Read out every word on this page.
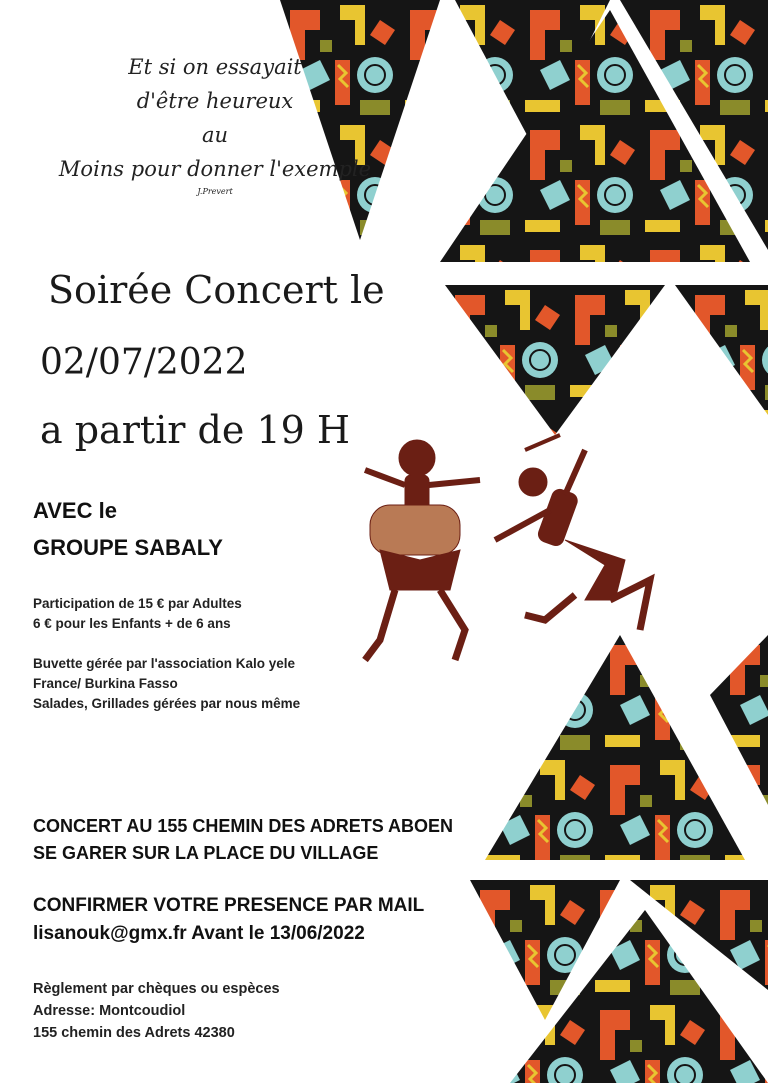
Et si on essayait
d'être heureux
au
Moins pour donner l'exemple
J.Prevert
Soirée Concert le
02/07/2022
a partir de 19 H
AVEC le
GROUPE SABALY
Participation de 15 € par Adultes
6 € pour les Enfants + de 6 ans
Buvette gérée par l'association Kalo yele
France/ Burkina Fasso
Salades, Grillades gérées par nous même
CONCERT AU 155 CHEMIN DES ADRETS ABOEN
SE GARER SUR LA PLACE DU VILLAGE
CONFIRMER VOTRE PRESENCE PAR MAIL
lisanouk@gmx.fr Avant le 13/06/2022
Règlement par chèques ou espèces
Adresse: Montcoudiol
155 chemin des Adrets 42380
